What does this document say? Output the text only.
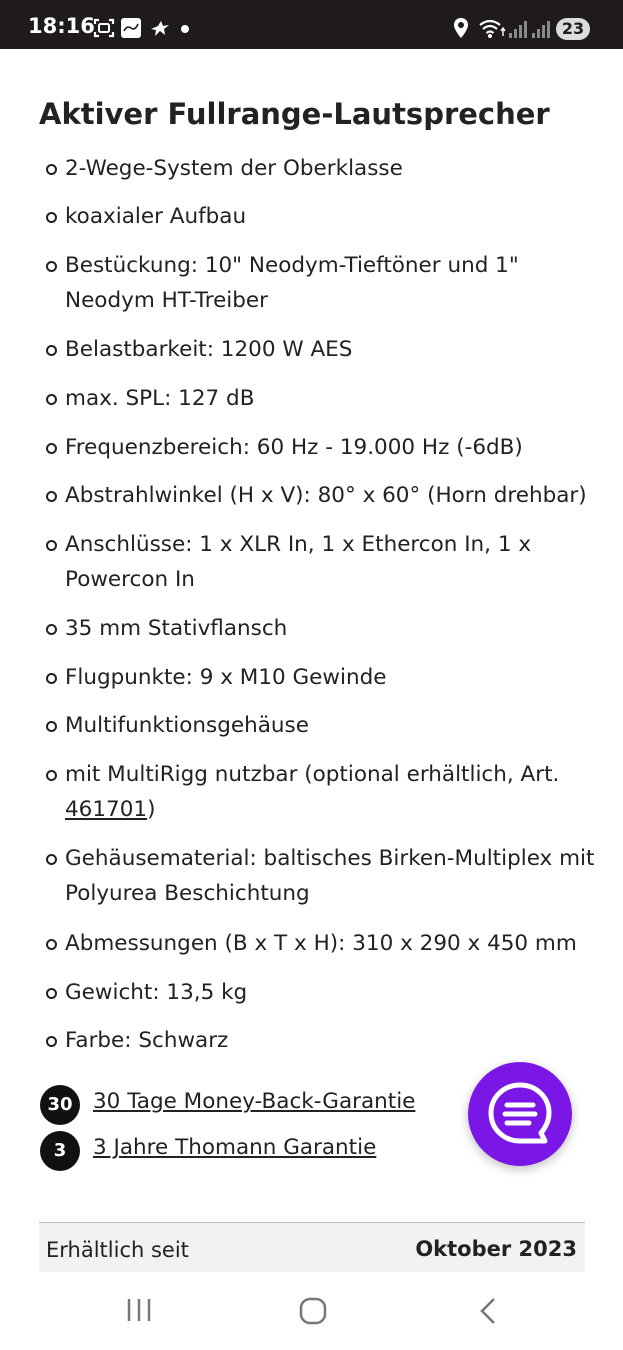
18:16	23
Aktiver Fullrange-Lautsprecher
2-Wege-System der Oberklasse
koaxialer Aufbau
Bestückung: 10" Neodym-Tieftöner und 1" Neodym HT-Treiber
Belastbarkeit: 1200 W AES
max. SPL: 127 dB
Frequenzbereich: 60 Hz - 19.000 Hz (-6dB)
Abstrahlwinkel (H x V): 80° x 60° (Horn drehbar)
Anschlüsse: 1 x XLR In, 1 x Ethercon In, 1 x Powercon In
35 mm Stativflansch
Flugpunkte: 9 x M10 Gewinde
Multifunktionsgehäuse
mit MultiRigg nutzbar (optional erhältlich, Art. 461701)
Gehäusematerial: baltisches Birken-Multiplex mit Polyurea Beschichtung
Abmessungen (B x T x H): 310 x 290 x 450 mm
Gewicht: 13,5 kg
Farbe: Schwarz
30 30 Tage Money-Back-Garantie
3	3 Jahre Thomann Garantie
Erhältlich seit	Oktober 2023
